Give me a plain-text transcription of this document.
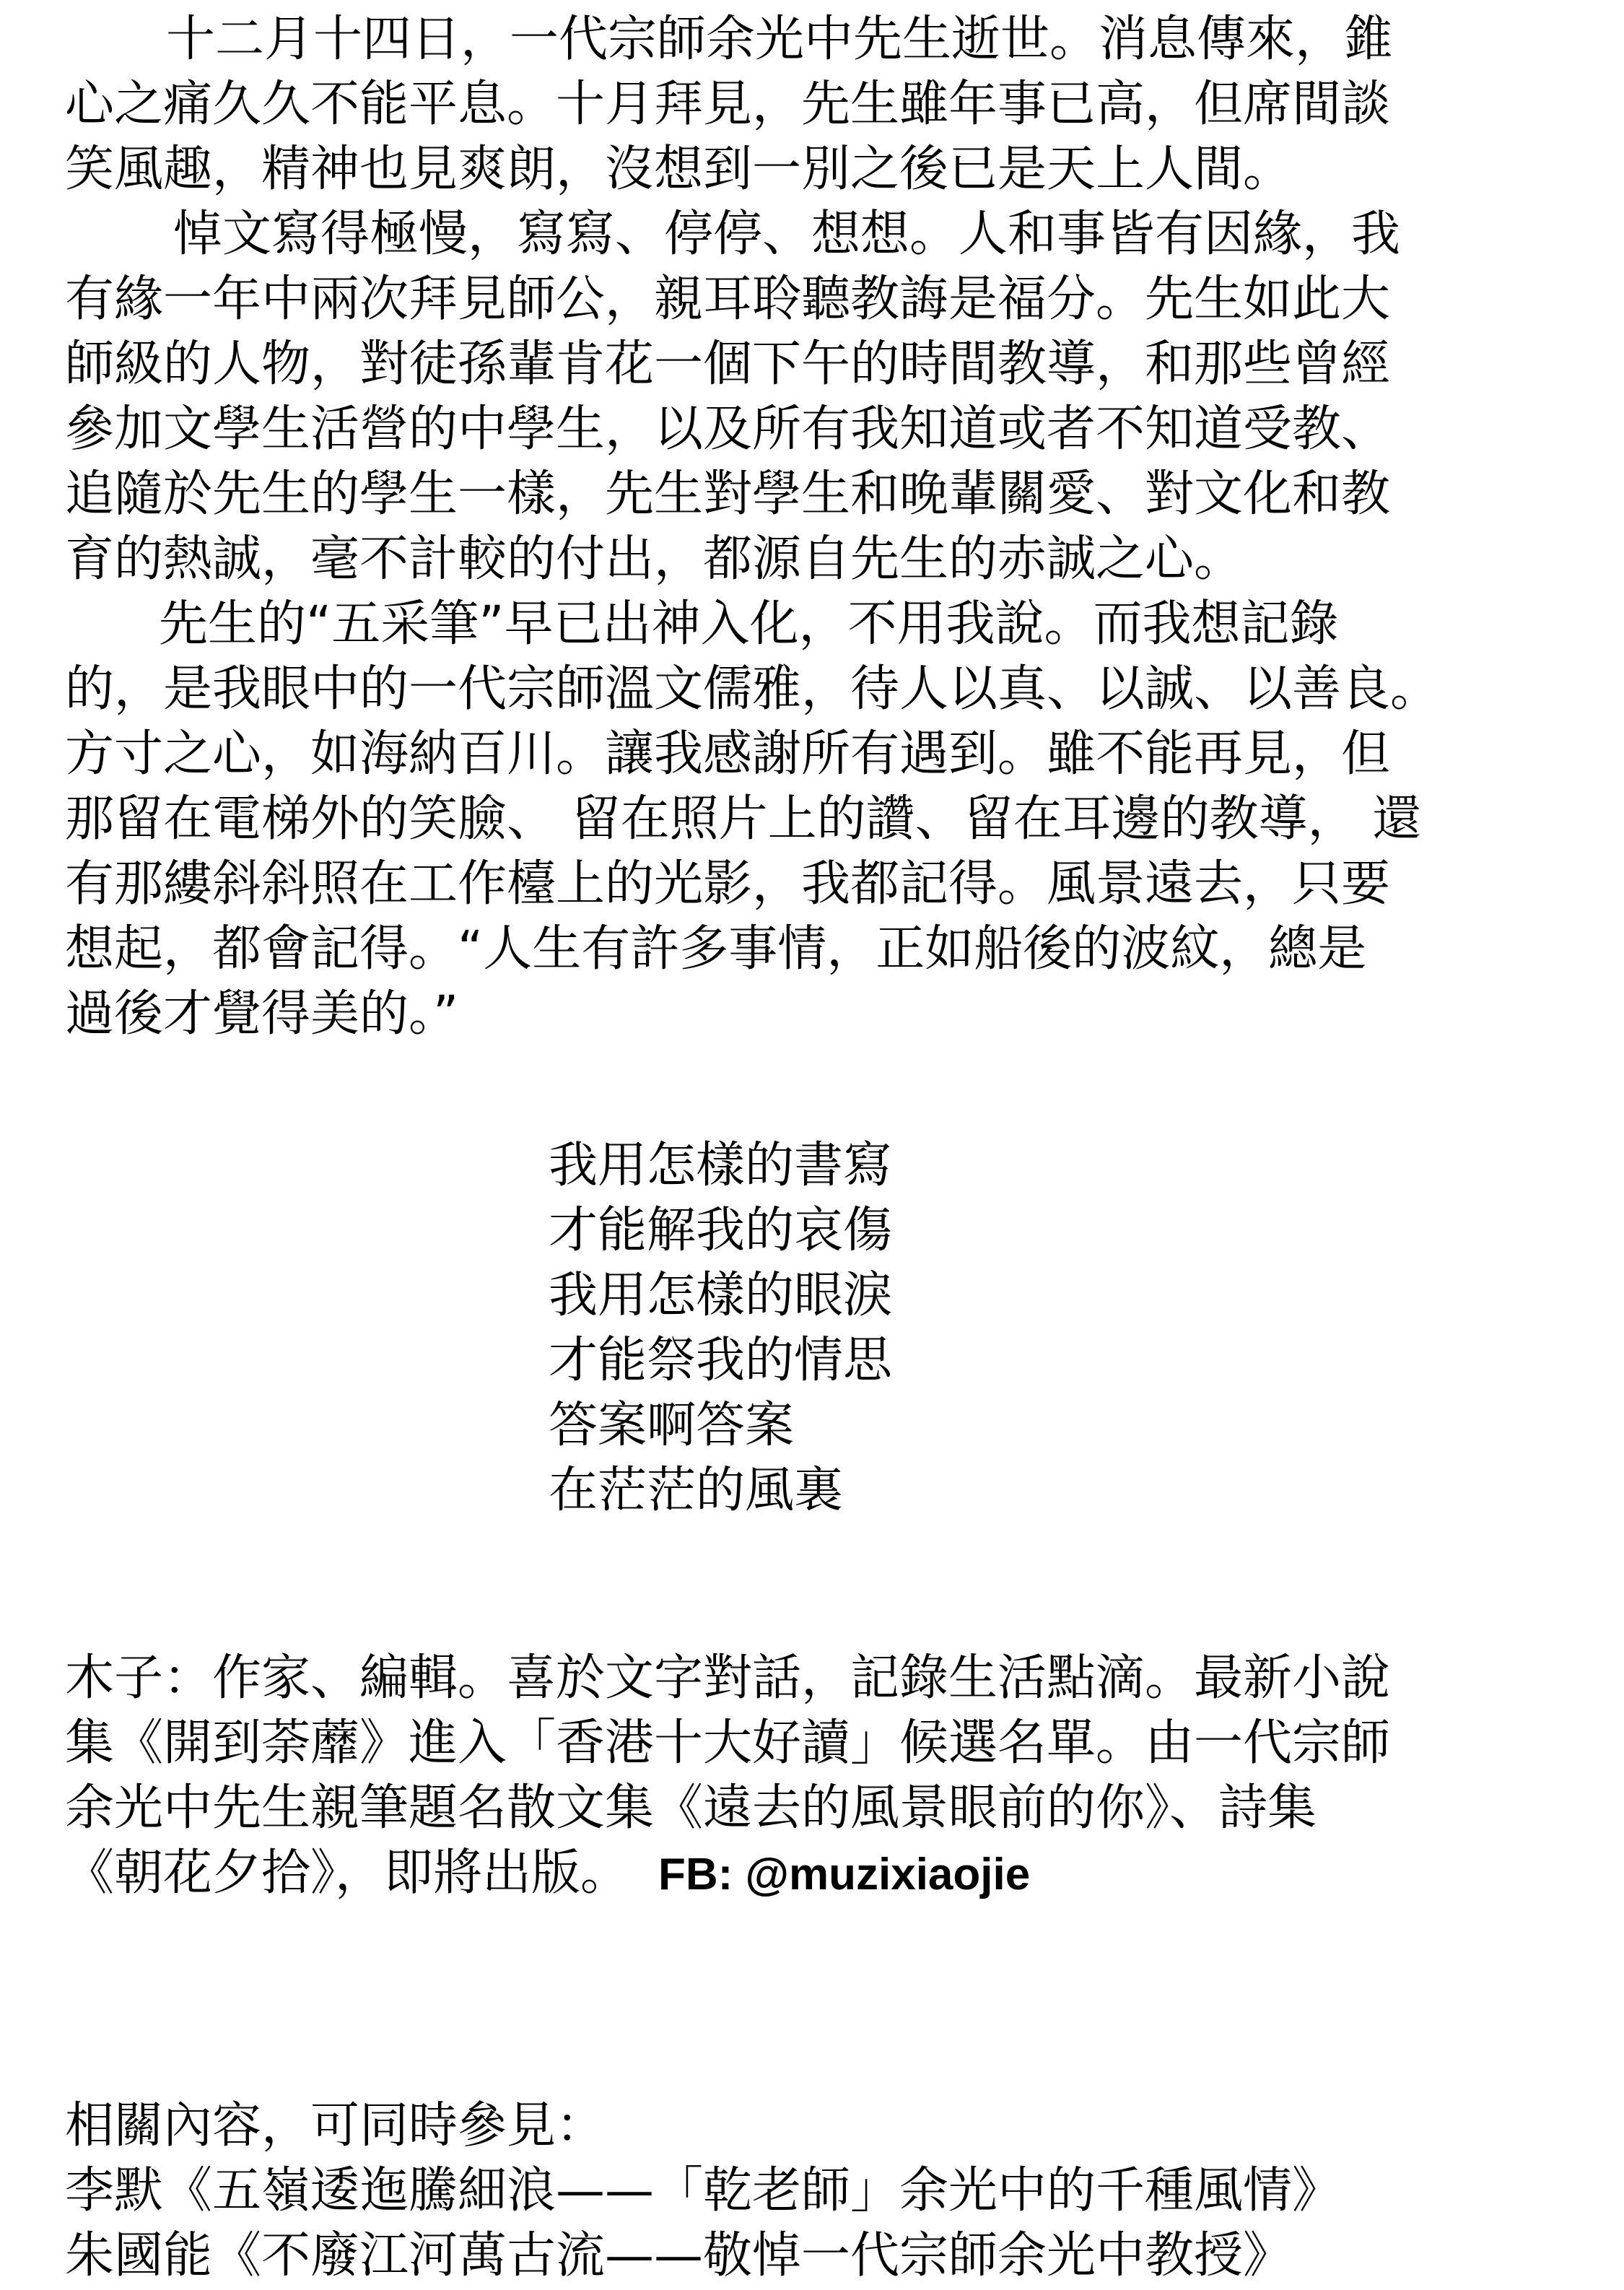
十二月十四日，一代宗師余光中先生逝世。消息傳來，錐
心之痛久久不能平息。十月拜見，先生雖年事已高，但席間談
笑風趣，精神也見爽朗，沒想到一別之後已是天上人間。
悼文寫得極慢，寫寫、停停、想想。人和事皆有因緣，我
有緣一年中兩次拜見師公，親耳聆聽教誨是福分。先生如此大
師級的人物，對徒孫輩肯花一個下午的時間教導，和那些曾經
參加文學生活營的中學生，以及所有我知道或者不知道受教、
追隨於先生的學生一樣，先生對學生和晚輩關愛、對文化和教
育的熱誠，毫不計較的付出，都源自先生的赤誠之心。
先生的“五采筆”早已出神入化，不用我說。而我想記錄
的，是我眼中的一代宗師溫文儒雅，待人以真、以誠、以善良。
方寸之心，如海納百川。讓我感謝所有遇到。雖不能再見，但
那留在電梯外的笑臉、 留在照片上的讚、留在耳邊的教導， 還
有那縷斜斜照在工作檯上的光影，我都記得。風景遠去，只要
想起，都會記得。“人生有許多事情，正如船後的波紋，總是
過後才覺得美的。”
我用怎樣的書寫
才能解我的哀傷
我用怎樣的眼淚
才能祭我的情思
答案啊答案
在茫茫的風裏
木子：作家、編輯。喜於文字對話，記錄生活點滴。最新小說
集《開到荼蘼》進入「香港十大好讀」候選名單。由一代宗師
余光中先生親筆題名散文集《遠去的風景眼前的你》、詩集
《朝花夕拾》，即將出版。 FB: @muzixiaojie
相關內容，可同時參見：
李默《五嶺逶迤騰細浪——「乾老師」余光中的千種風情》
朱國能《不廢江河萬古流——敬悼一代宗師余光中教授》
